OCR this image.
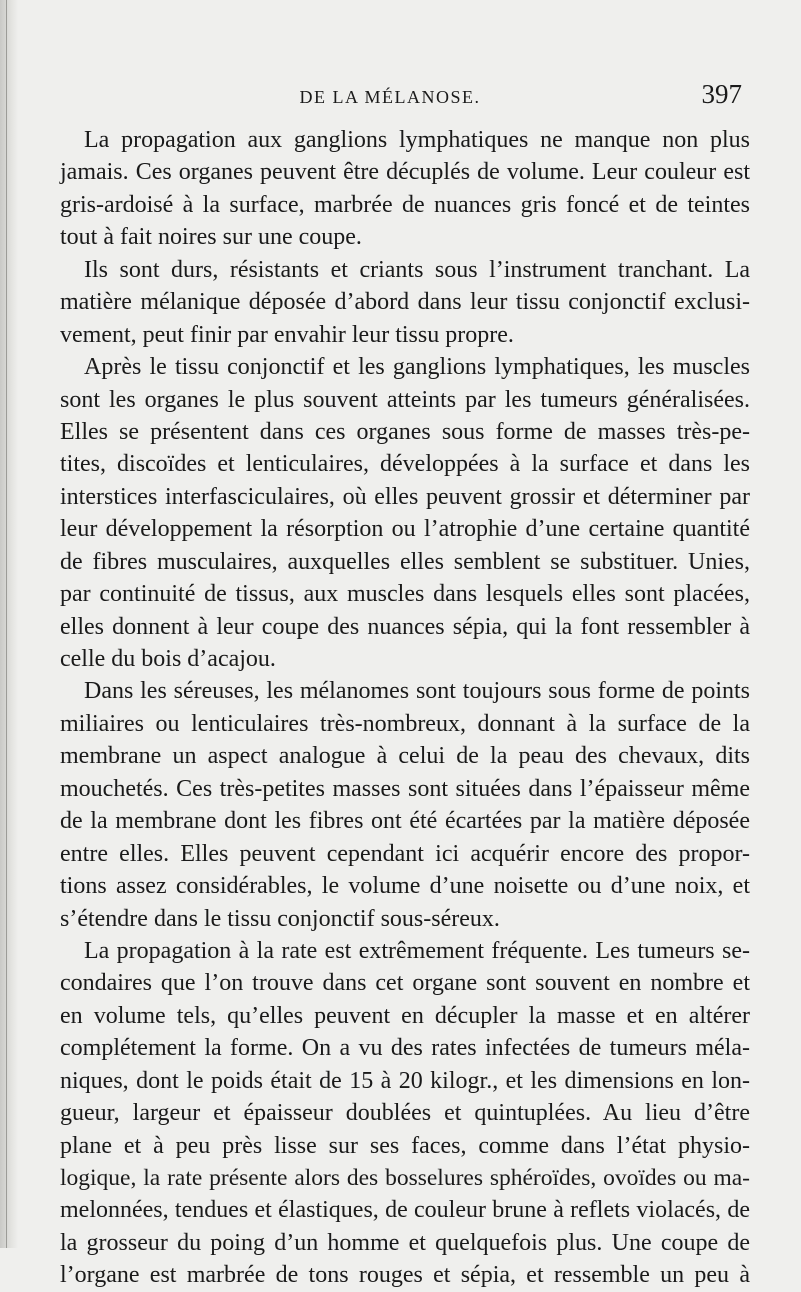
DE LA MÉLANOSE.	397
La propagation aux ganglions lymphatiques ne manque non plus
jamais. Ces organes peuvent être décuplés de volume. Leur couleur est
gris-ardoisé à la surface, marbrée de nuances gris foncé et de teintes
tout à fait noires sur une coupe.
Ils sont durs, résistants et criants sous l’instrument tranchant. La
matière mélanique déposée d’abord dans leur tissu conjonctif exclusi-
vement, peut finir par envahir leur tissu propre.
Après le tissu conjonctif et les ganglions lymphatiques, les muscles
sont les organes le plus souvent atteints par les tumeurs généralisées.
Elles se présentent dans ces organes sous forme de masses très-pe-
tites, discoïdes et lenticulaires, développées à la surface et dans les
interstices interfasciculaires, où elles peuvent grossir et déterminer par
leur développement la résorption ou l’atrophie d’une certaine quantité
de fibres musculaires, auxquelles elles semblent se substituer. Unies,
par continuité de tissus, aux muscles dans lesquels elles sont placées,
elles donnent à leur coupe des nuances sépia, qui la font ressembler à
celle du bois d’acajou.
Dans les séreuses, les mélanomes sont toujours sous forme de points
miliaires ou lenticulaires très-nombreux, donnant à la surface de la
membrane un aspect analogue à celui de la peau des chevaux, dits
mouchetés. Ces très-petites masses sont situées dans l’épaisseur même
de la membrane dont les fibres ont été écartées par la matière déposée
entre elles. Elles peuvent cependant ici acquérir encore des propor-
tions assez considérables, le volume d’une noisette ou d’une noix, et
s’étendre dans le tissu conjonctif sous-séreux.
La propagation à la rate est extrêmement fréquente. Les tumeurs se-
condaires que l’on trouve dans cet organe sont souvent en nombre et
en volume tels, qu’elles peuvent en décupler la masse et en altérer
complétement la forme. On a vu des rates infectées de tumeurs méla-
niques, dont le poids était de 15 à 20 kilogr., et les dimensions en lon-
gueur, largeur et épaisseur doublées et quintuplées. Au lieu d’être
plane et à peu près lisse sur ses faces, comme dans l’état physio-
logique, la rate présente alors des bosselures sphéroïdes, ovoïdes ou ma-
melonnées, tendues et élastiques, de couleur brune à reflets violacés, de
la grosseur du poing d’un homme et quelquefois plus. Une coupe de
l’organe est marbrée de tons rouges et sépia, et ressemble un peu à
